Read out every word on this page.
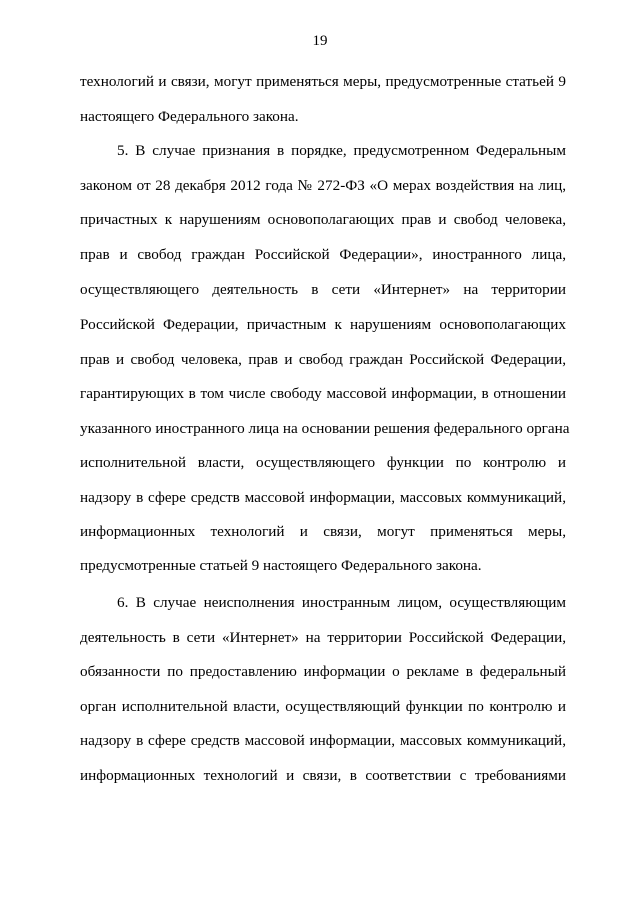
19
технологий и связи, могут применяться меры, предусмотренные статьей 9
настоящего Федерального закона.
5. В случае признания в порядке, предусмотренном Федеральным
законом от 28 декабря 2012 года № 272-ФЗ «О мерах воздействия на лиц,
причастных к нарушениям основополагающих прав и свобод человека,
прав и свобод граждан Российской Федерации», иностранного лица,
осуществляющего деятельность в сети «Интернет» на территории
Российской Федерации, причастным к нарушениям основополагающих
прав и свобод человека, прав и свобод граждан Российской Федерации,
гарантирующих в том числе свободу массовой информации, в отношении
указанного иностранного лица на основании решения федерального органа
исполнительной власти, осуществляющего функции по контролю и
надзору в сфере средств массовой информации, массовых коммуникаций,
информационных технологий и связи, могут применяться меры,
предусмотренные статьей 9 настоящего Федерального закона.
6. В случае неисполнения иностранным лицом, осуществляющим
деятельность в сети «Интернет» на территории Российской Федерации,
обязанности по предоставлению информации о рекламе в федеральный
орган исполнительной власти, осуществляющий функции по контролю и
надзору в сфере средств массовой информации, массовых коммуникаций,
информационных технологий и связи, в соответствии с требованиями
